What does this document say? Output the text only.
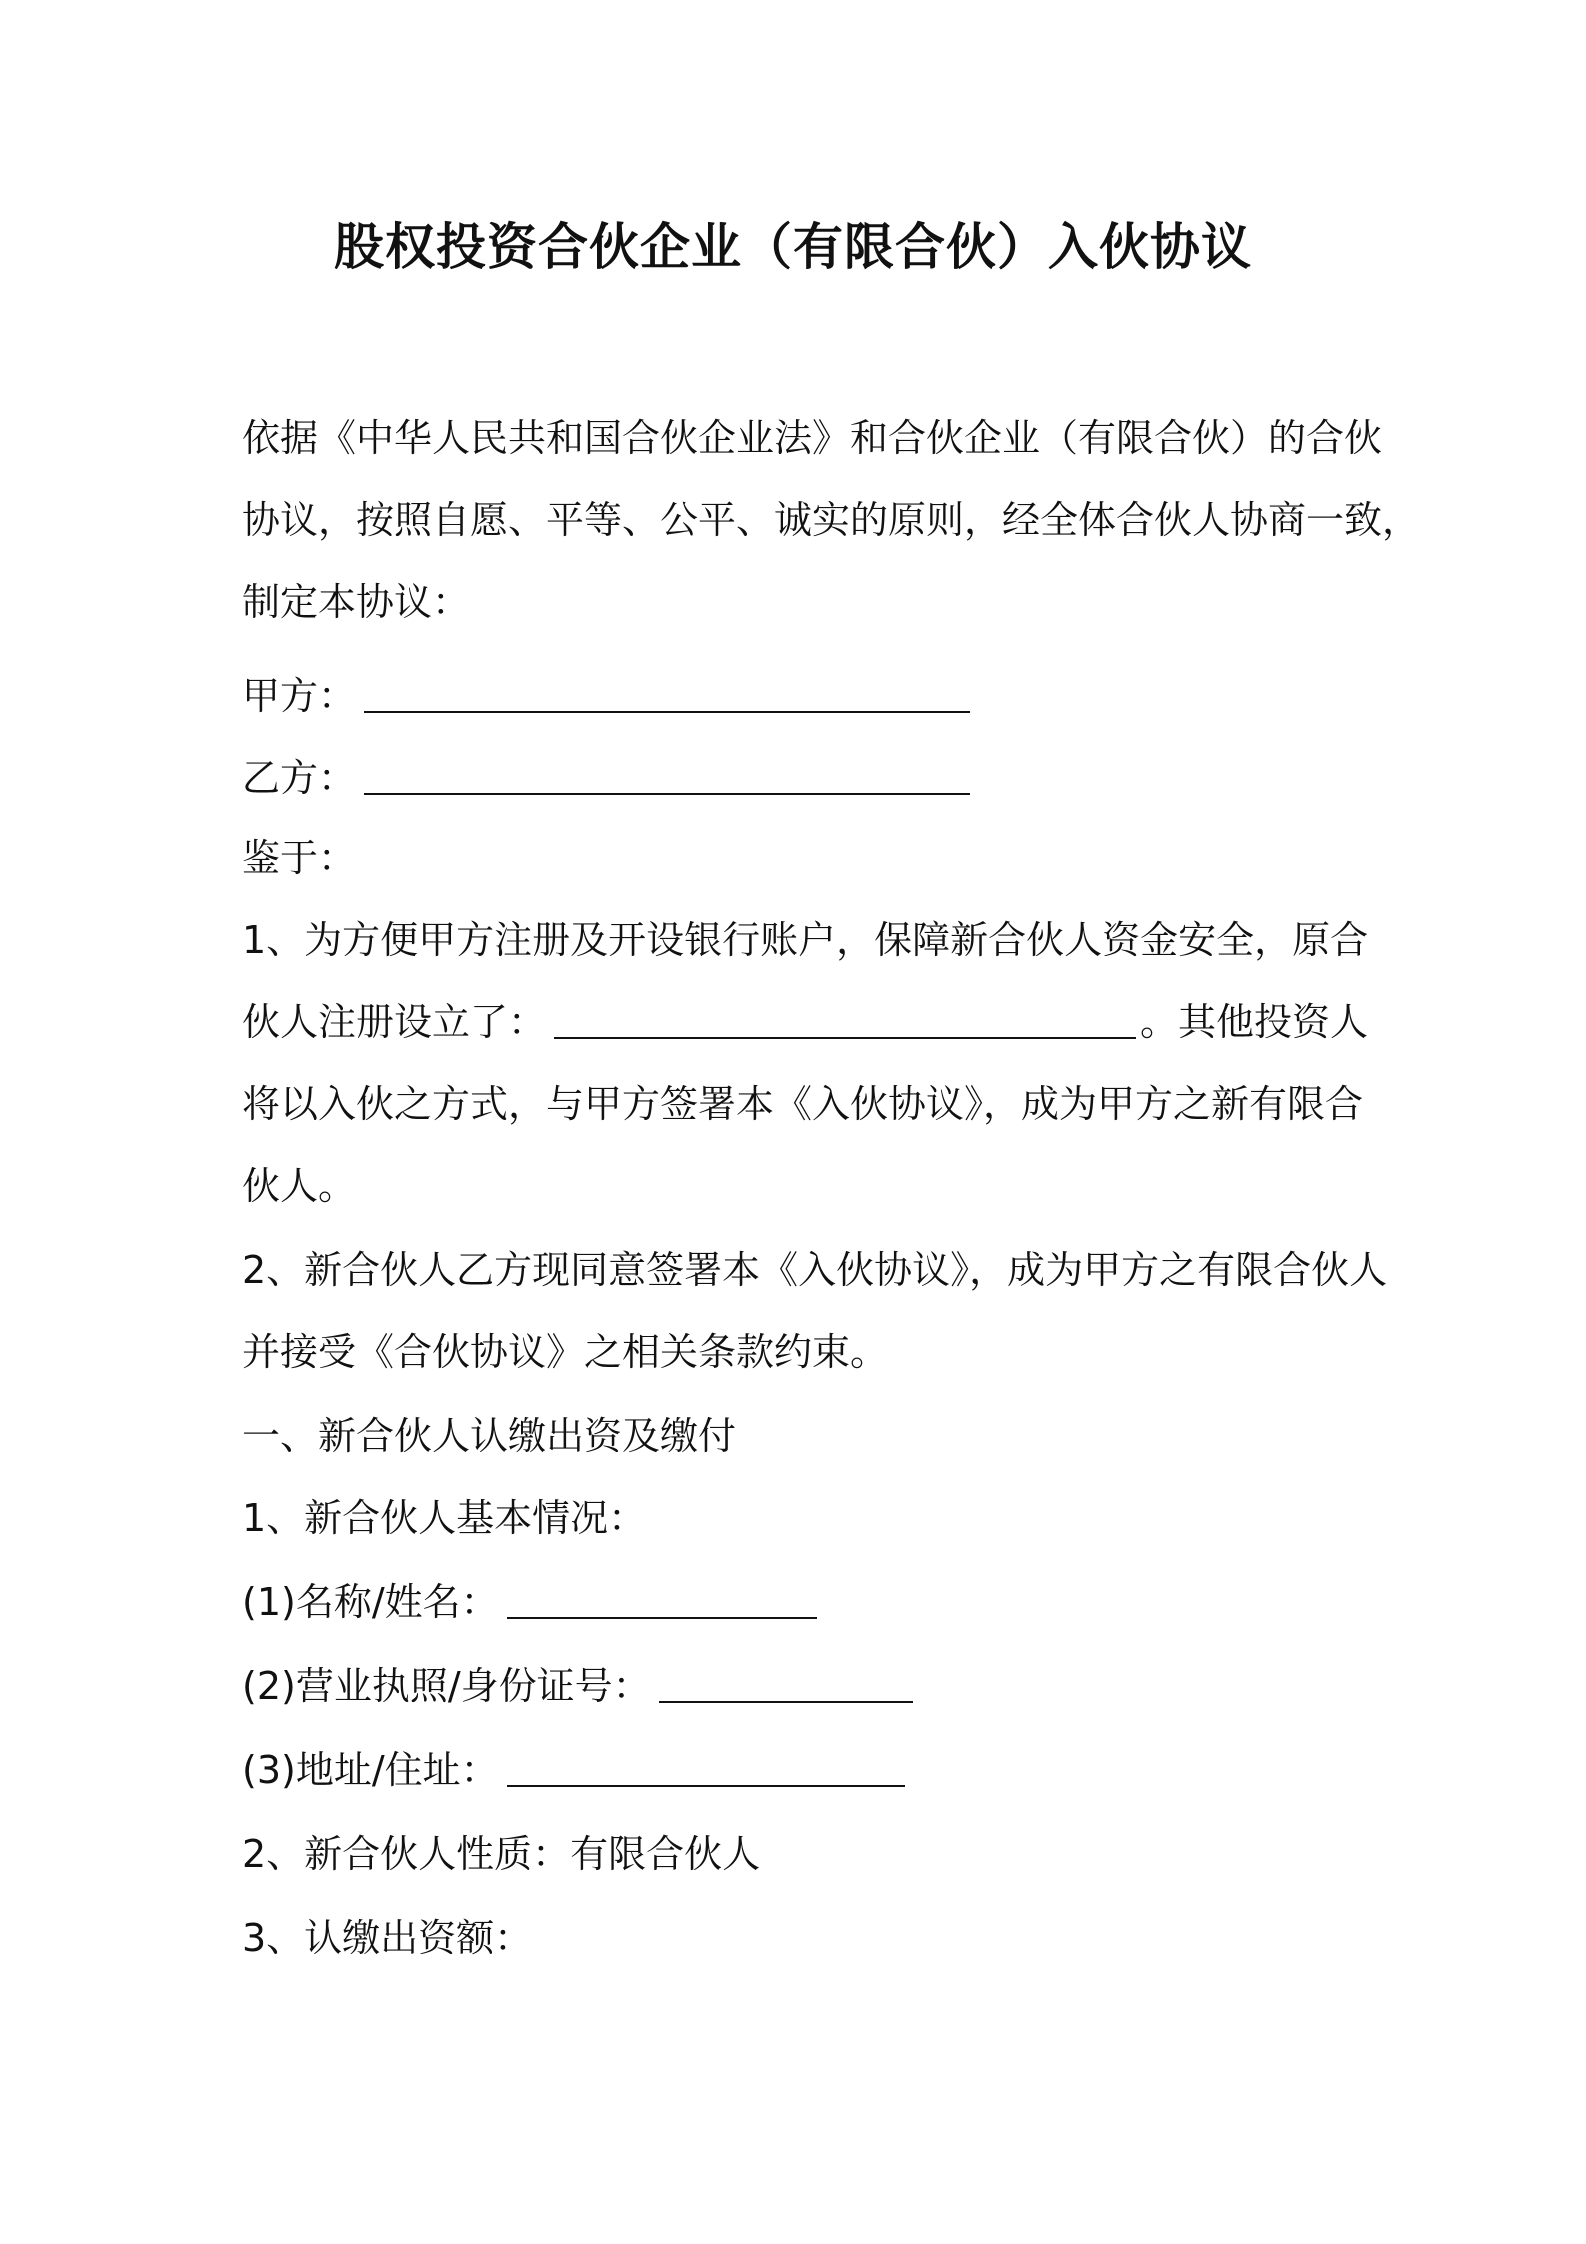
股权投资合伙企业（有限合伙）入伙协议
依据《中华人民共和国合伙企业法》和合伙企业（有限合伙）的合伙
协议，按照自愿、平等、公平、诚实的原则，经全体合伙人协商一致，
制定本协议：
甲方：
乙方：
鉴于：
1、为方便甲方注册及开设银行账户，保障新合伙人资金安全，原合
伙人注册设立了：	。其他投资人
将以入伙之方式，与甲方签署本《入伙协议》，成为甲方之新有限合
伙人。
2、新合伙人乙方现同意签署本《入伙协议》，成为甲方之有限合伙人
并接受《合伙协议》之相关条款约束。
一、新合伙人认缴出资及缴付
1、新合伙人基本情况：
(1)名称/姓名：
(2)营业执照/身份证号：
(3)地址/住址：
2、新合伙人性质：有限合伙人
3、认缴出资额：
